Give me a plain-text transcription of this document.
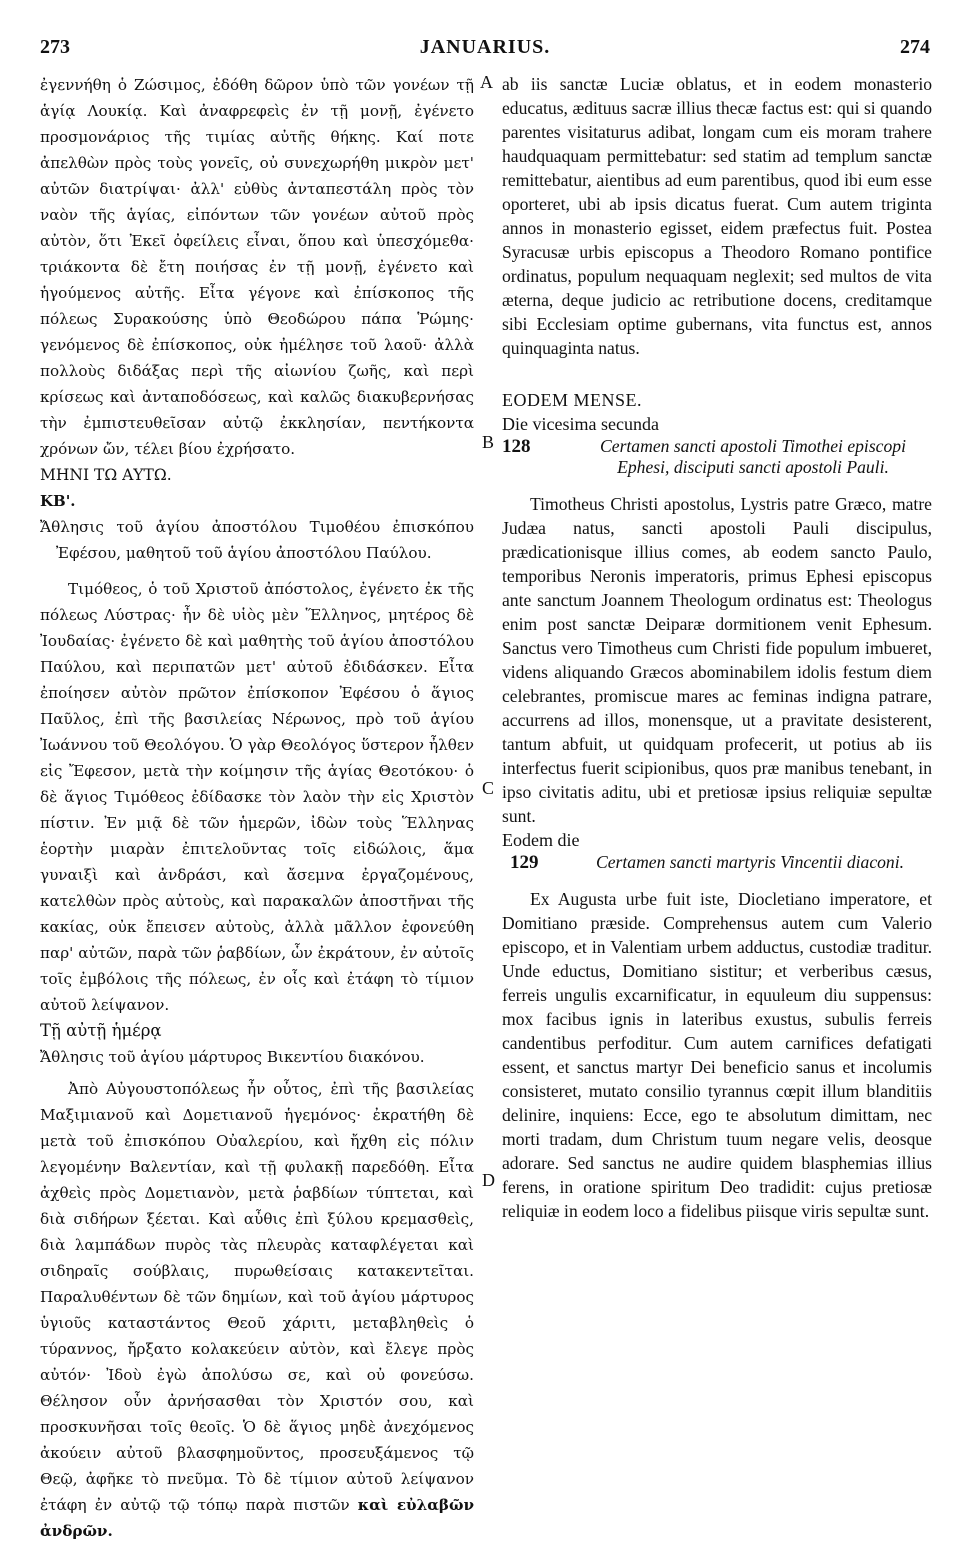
273	JANUARIUS.	274
A
B
C
D

ἐγεννήθη ὁ Ζώσιμος, ἐδόθη δῶρον ὑπὸ τῶν γονέων τῇ ἁγίᾳ Λουκίᾳ. Καὶ ἀναφρεφεὶς ἐν τῇ μονῇ, ἐγένετο προσμονάριος τῆς τιμίας αὐτῆς θήκης. Καί ποτε ἀπελθὼν πρὸς τοὺς γονεῖς, οὐ συνεχωρήθη μικρὸν μετ' αὐτῶν διατρίψαι· ἀλλ' εὐθὺς ἀνταπεστάλη πρὸς τὸν ναὸν τῆς ἁγίας, εἰπόντων τῶν γονέων αὐτοῦ πρὸς αὐτὸν, ὅτι Ἐκεῖ ὀφείλεις εἶναι, ὅπου καὶ ὑπεσχόμεθα· τριάκοντα δὲ ἔτη ποιήσας ἐν τῇ μονῇ, ἐγένετο καὶ ἡγούμενος αὐτῆς. Εἶτα γέγονε καὶ ἐπίσκοπος τῆς πόλεως Συρακούσης ὑπὸ Θεοδώρου πάπα Ῥώμης· γενόμενος δὲ ἐπίσκοπος, οὐκ ἠμέλησε τοῦ λαοῦ· ἀλλὰ πολλοὺς διδάξας περὶ τῆς αἰωνίου ζωῆς, καὶ περὶ κρίσεως καὶ ἀνταποδόσεως, καὶ καλῶς διακυβερνήσας τὴν ἐμπιστευθεῖσαν αὐτῷ ἐκκλησίαν, πεντήκοντα χρόνων ὤν, τέλει βίου ἐχρήσατο.

ΜΗΝΙ ΤΩ ΑΥΤΩ.

ΚΒ'.

Ἄθλησις τοῦ ἁγίου ἀποστόλου Τιμοθέου ἐπισκόπου Ἐφέσου, μαθητοῦ τοῦ ἁγίου ἀποστόλου Παύλου.

Τιμόθεος, ὁ τοῦ Χριστοῦ ἀπόστολος, ἐγένετο ἐκ τῆς πόλεως Λύστρας· ἦν δὲ υἱὸς μὲν Ἕλληνος, μητέρος δὲ Ἰουδαίας· ἐγένετο δὲ καὶ μαθητὴς τοῦ ἁγίου ἀποστόλου Παύλου, καὶ περιπατῶν μετ' αὐτοῦ ἐδιδάσκεν. Εἶτα ἐποίησεν αὐτὸν πρῶτον ἐπίσκοπον Ἐφέσου ὁ ἅγιος Παῦλος, ἐπὶ τῆς βασιλείας Νέρωνος, πρὸ τοῦ ἁγίου Ἰωάννου τοῦ Θεολόγου. Ὁ γὰρ Θεολόγος ὕστερον ἦλθεν εἰς Ἔφεσον, μετὰ τὴν κοίμησιν τῆς ἁγίας Θεοτόκου· ὁ δὲ ἅγιος Τιμόθεος ἐδίδασκε τὸν λαὸν τὴν εἰς Χριστὸν πίστιν. Ἐν μιᾷ δὲ τῶν ἡμερῶν, ἰδὼν τοὺς Ἕλληνας ἑορτὴν μιαρὰν ἐπιτελοῦντας τοῖς εἰδώλοις, ἅμα γυναιξὶ καὶ ἀνδράσι, καὶ ἄσεμνα ἐργαζομένους, κατελθὼν πρὸς αὐτοὺς, καὶ παρακαλῶν ἀποστῆναι τῆς κακίας, οὐκ ἔπεισεν αὐτοὺς, ἀλλὰ μᾶλλον ἐφονεύθη παρ' αὐτῶν, παρὰ τῶν ῥαβδίων, ὧν ἐκράτουν, ἐν αὐτοῖς τοῖς ἐμβόλοις τῆς πόλεως, ἐν οἷς καὶ ἐτάφη τὸ τίμιον αὐτοῦ λείψανον.

Τῇ αὐτῇ ἡμέρᾳ

Ἄθλησις τοῦ ἁγίου μάρτυρος Βικεντίου διακόνου.

Ἀπὸ Αὐγουστοπόλεως ἦν οὗτος, ἐπὶ τῆς βασιλείας Μαξιμιανοῦ καὶ Δομετιανοῦ ἡγεμόνος· ἐκρατήθη δὲ μετὰ τοῦ ἐπισκόπου Οὐαλερίου, καὶ ἤχθη εἰς πόλιν λεγομένην Βαλεντίαν, καὶ τῇ φυλακῇ παρεδόθη. Εἶτα ἀχθεὶς πρὸς Δομετιανὸν, μετὰ ῥαβδίων τύπτεται, καὶ διὰ σιδήρων ξέεται. Καὶ αὖθις ἐπὶ ξύλου κρεμασθεὶς, διὰ λαμπάδων πυρὸς τὰς πλευρὰς καταφλέγεται καὶ σιδηραῖς σούβλαις, πυρωθείσαις κατακεντεῖται. Παραλυθέντων δὲ τῶν δημίων, καὶ τοῦ ἁγίου μάρτυρος ὑγιοῦς καταστάντος Θεοῦ χάριτι, μεταβληθεὶς ὁ τύραννος, ἤρξατο κολακεύειν αὐτὸν, καὶ ἔλεγε πρὸς αὐτόν· Ἰδοὺ ἐγὼ ἀπολύσω σε, καὶ οὐ φονεύσω. Θέλησον οὖν ἀρνήσασθαι τὸν Χριστόν σου, καὶ προσκυνῆσαι τοῖς θεοῖς. Ὁ δὲ ἅγιος μηδὲ ἀνεχόμενος ἀκούειν αὐτοῦ βλασφημοῦντος, προσευξάμενος τῷ Θεῷ, ἀφῆκε τὸ πνεῦμα. Τὸ δὲ τίμιον αὐτοῦ λείψανον ἐτάφη ἐν αὐτῷ τῷ τόπῳ παρὰ πιστῶν καὶ εὐλαβῶν ἀνδρῶν.

ab iis sanctæ Luciæ oblatus, et in eodem monasterio educatus, ædituus sacræ illius thecæ factus est: qui si quando parentes visitaturus adibat, longam cum eis moram trahere haudquaquam permittebatur: sed statim ad templum sanctæ remittebatur, aientibus ad eum parentibus, quod ibi eum esse oporteret, ubi ab ipsis dicatus fuerat. Cum autem triginta annos in monasterio egisset, eidem præfectus fuit. Postea Syracusæ urbis episcopus a Theodoro Romano pontifice ordinatus, populum nequaquam neglexit; sed multos de vita æterna, deque judicio ac retributione docens, creditamque sibi Ecclesiam optime gubernans, vita functus est, annos quinquaginta natus.

EODEM MENSE.

Die vicesima secunda

128	Certamen sancti apostoli Timothei episcopi Ephesi, disciputi sancti apostoli Pauli.

Timotheus Christi apostolus, Lystris patre Græco, matre Judæa natus, sancti apostoli Pauli discipulus, prædicationisque illius comes, ab eodem sancto Paulo, temporibus Neronis imperatoris, primus Ephesi episcopus ante sanctum Joannem Theologum ordinatus est: Theologus enim post sanctæ Deiparæ dormitionem venit Ephesum. Sanctus vero Timotheus cum Christi fide populum imbueret, videns aliquando Græcos abominabilem idolis festum diem celebrantes, promiscue mares ac feminas indigna patrare, accurrens ad illos, monensque, ut a pravitate desisterent, tantum abfuit, ut quidquam profecerit, ut potius ab iis interfectus fuerit scipionibus, quos præ manibus tenebant, in ipso civitatis aditu, ubi et pretiosæ ipsius reliquiæ sepultæ sunt.

Eodem die

129	Certamen sancti martyris Vincentii diaconi.

Ex Augusta urbe fuit iste, Diocletiano imperatore, et Domitiano præside. Comprehensus autem cum Valerio episcopo, et in Valentiam urbem adductus, custodiæ traditur. Unde eductus, Domitiano sistitur; et verberibus cæsus, ferreis ungulis excarnificatur, in equuleum diu suppensus: mox facibus ignis in lateribus exustus, subulis ferreis candentibus perfoditur. Cum autem carnifices defatigati essent, et sanctus martyr Dei beneficio sanus et incolumis consisteret, mutato consilio tyrannus cœpit illum blanditiis delinire, inquiens: Ecce, ego te absolutum dimittam, nec morti tradam, dum Christum tuum negare velis, deosque adorare. Sed sanctus ne audire quidem blasphemias illius ferens, in oratione spiritum Deo tradidit: cujus pretiosæ reliquiæ in eodem loco a fidelibus piisque viris sepultæ sunt.
